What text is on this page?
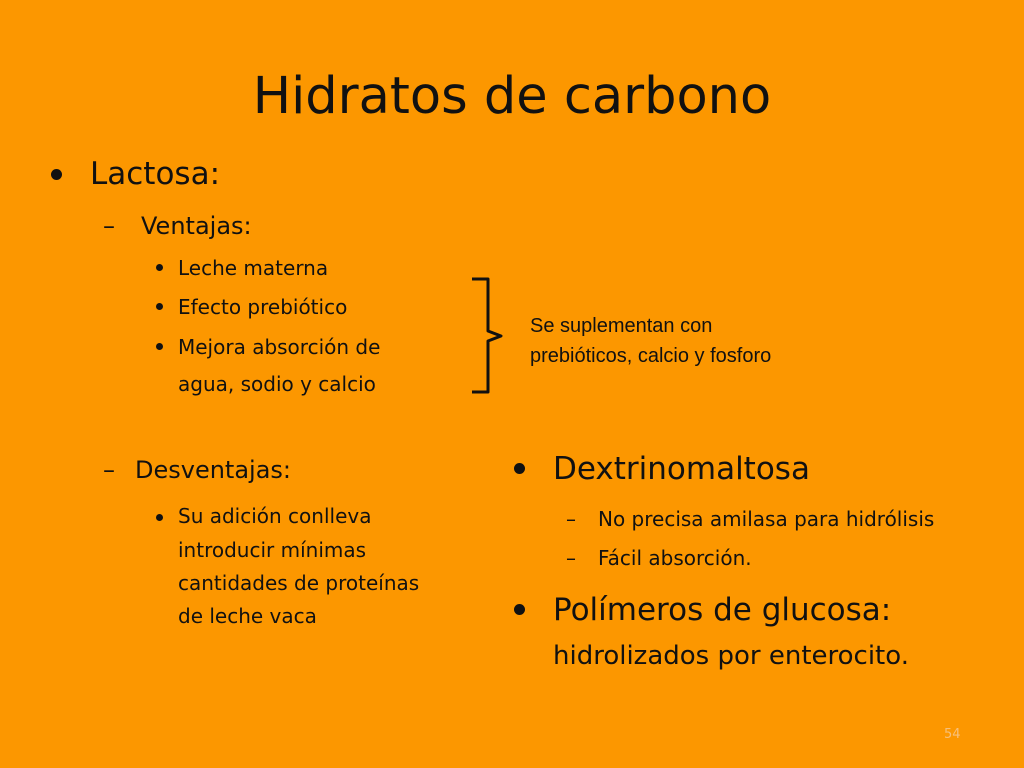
Hidratos de carbono
Lactosa:
– Ventajas:
Leche materna
Efecto prebiótico
Mejora absorción de
agua, sodio y calcio
Se suplementan con
prebióticos, calcio y fosforo
– Desventajas:
Su adición conlleva
introducir mínimas
cantidades de proteínas
de leche vaca
Dextrinomaltosa
– No precisa amilasa para hidrólisis
– Fácil absorción.
Polímeros de glucosa:
hidrolizados por enterocito.
54
